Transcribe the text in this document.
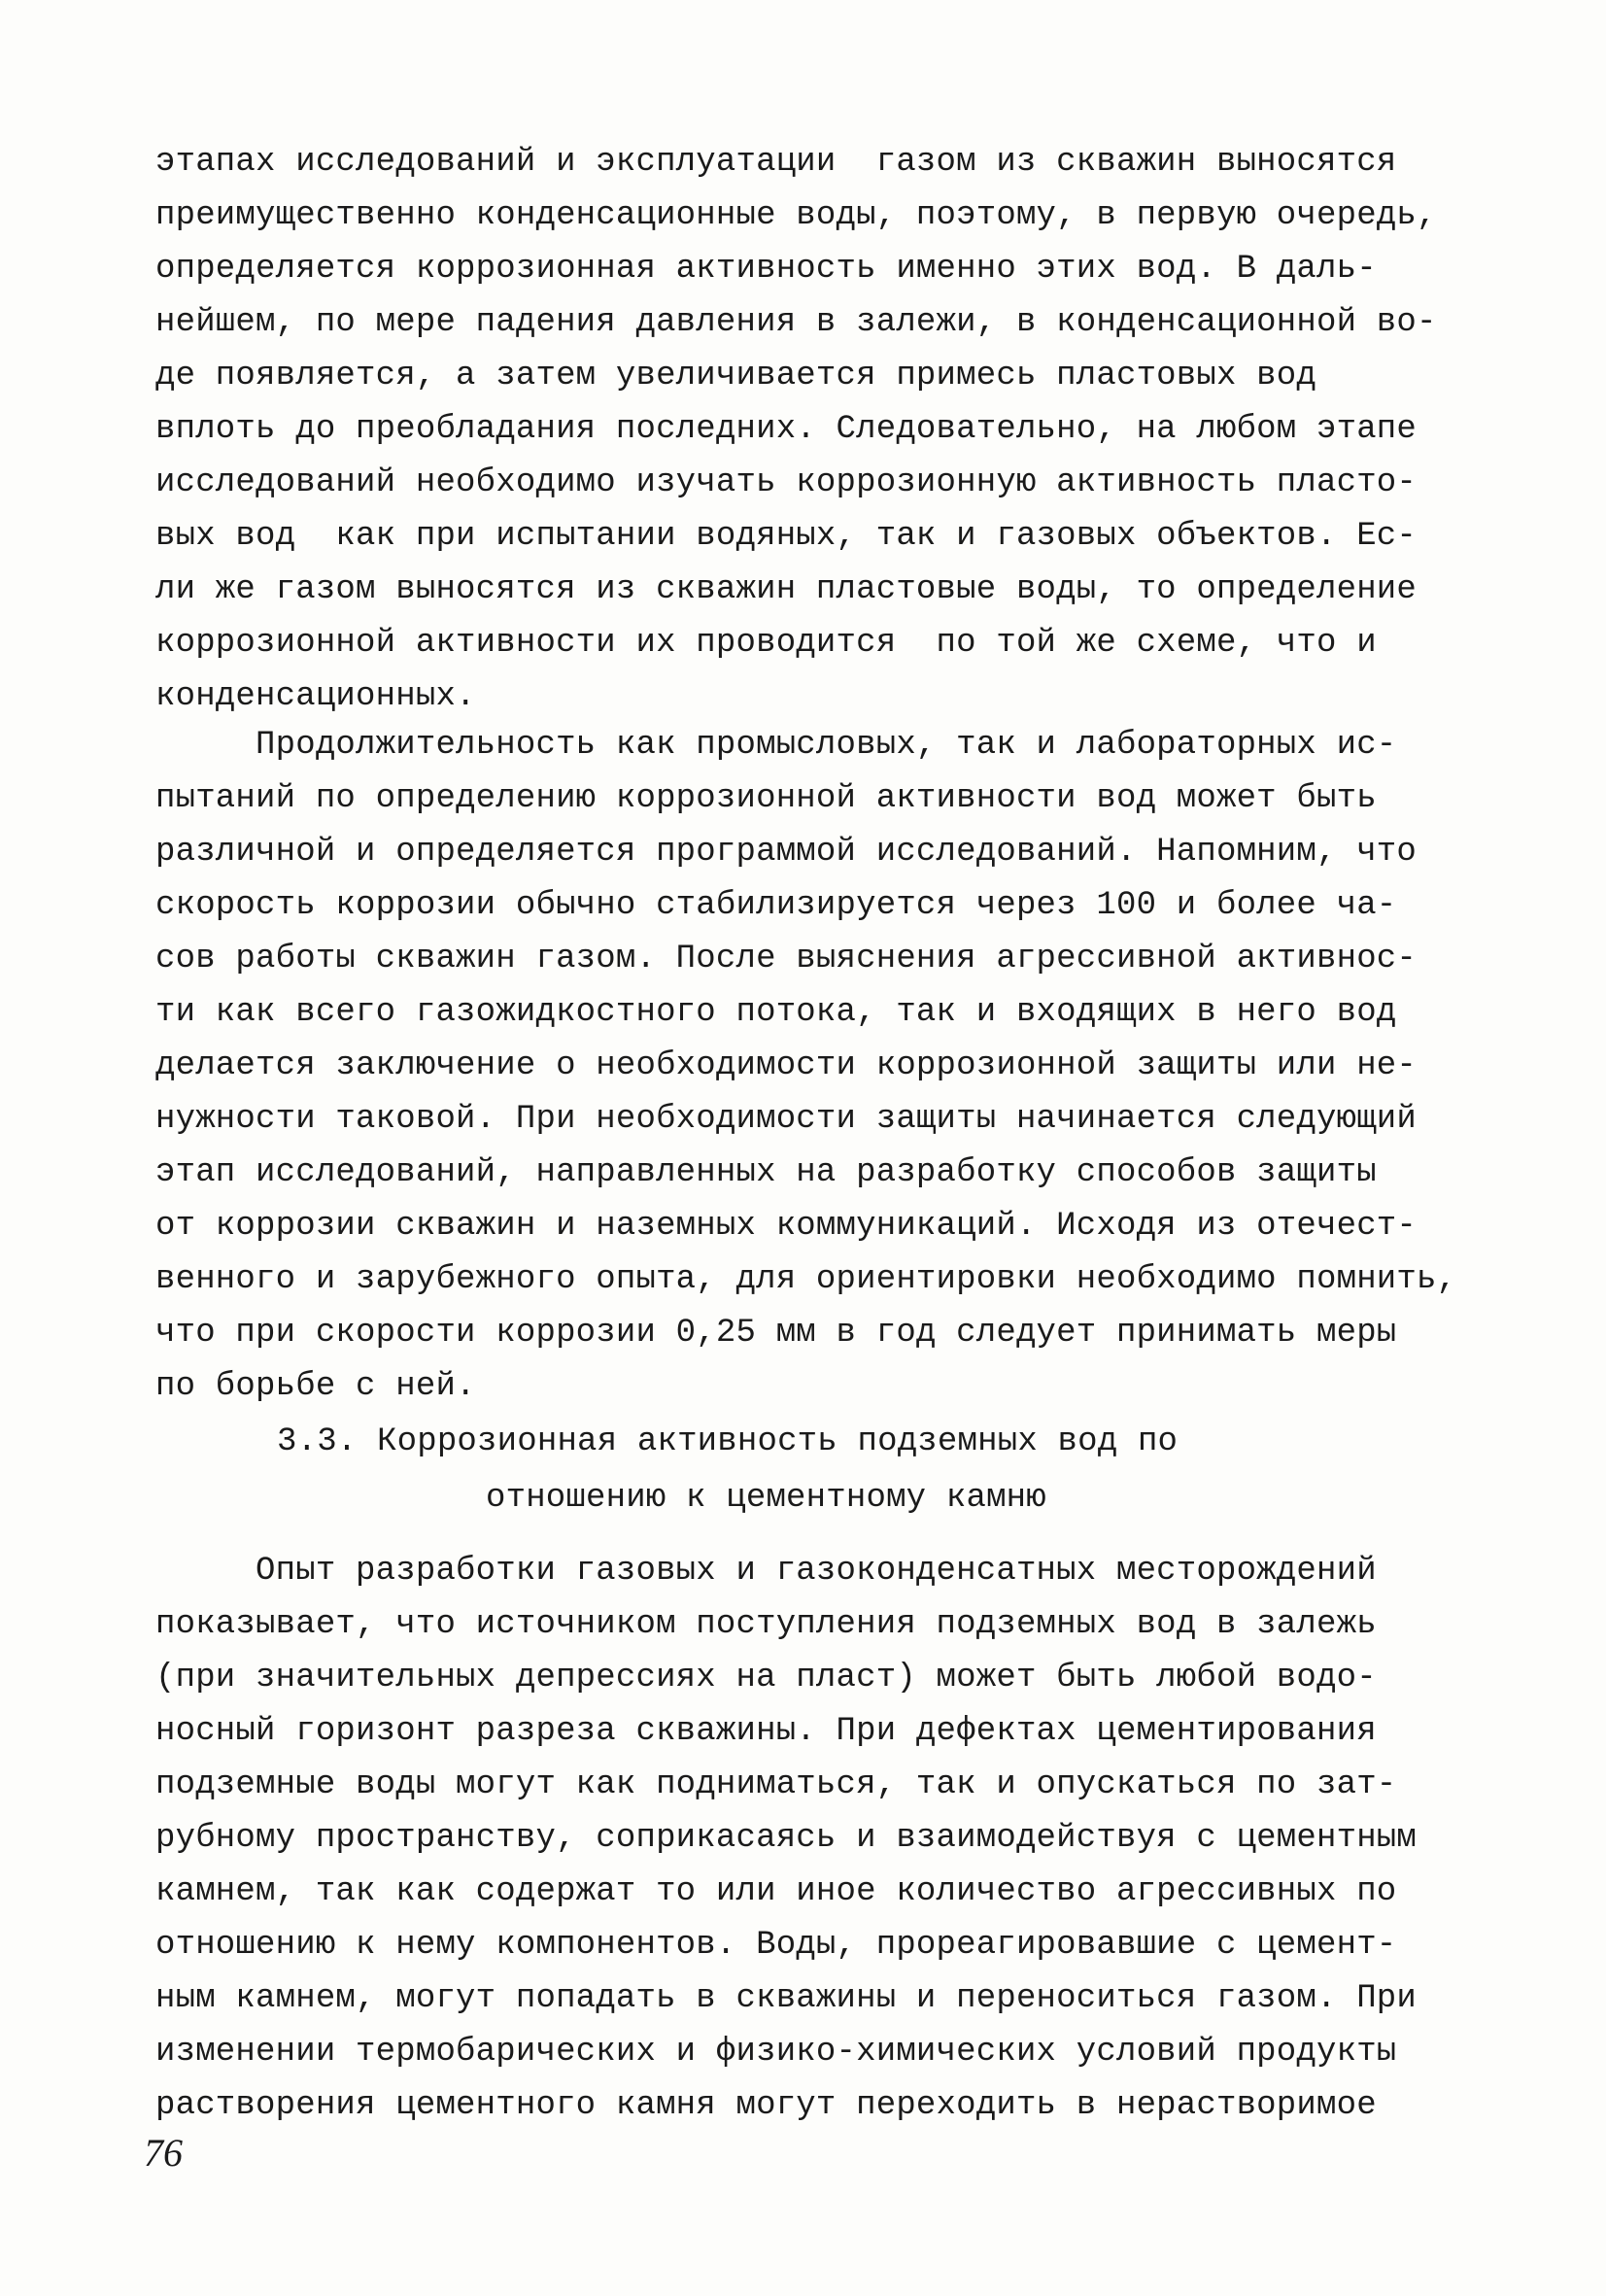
этапах исследований и эксплуатации  газом из скважин выносятся
преимущественно конденсационные воды, поэтому, в первую очередь,
определяется коррозионная активность именно этих вод. В даль-
нейшем, по мере падения давления в залежи, в конденсационной во-
де появляется, а затем увеличивается примесь пластовых вод
вплоть до преобладания последних. Следовательно, на любом этапе
исследований необходимо изучать коррозионную активность пласто-
вых вод  как при испытании водяных, так и газовых объектов. Ес-
ли же газом выносятся из скважин пластовые воды, то определение
коррозионной активности их проводится  по той же схеме, что и
конденсационных.
Продолжительность как промысловых, так и лабораторных ис-
пытаний по определению коррозионной активности вод может быть
различной и определяется программой исследований. Напомним, что
скорость коррозии обычно стабилизируется через 100 и более ча-
сов работы скважин газом. После выяснения агрессивной активнос-
ти как всего газожидкостного потока, так и входящих в него вод
делается заключение о необходимости коррозионной защиты или не-
нужности таковой. При необходимости защиты начинается следующий
этап исследований, направленных на разработку способов защиты
от коррозии скважин и наземных коммуникаций. Исходя из отечест-
венного и зарубежного опыта, для ориентировки необходимо помнить,
что при скорости коррозии 0,25 мм в год следует принимать меры
по борьбе с ней.
3.3. Коррозионная активность подземных вод по
отношению к цементному камню
Опыт разработки газовых и газоконденсатных месторождений
показывает, что источником поступления подземных вод в залежь
(при значительных депрессиях на пласт) может быть любой водо-
носный горизонт разреза скважины. При дефектах цементирования
подземные воды могут как подниматься, так и опускаться по зат-
рубному пространству, соприкасаясь и взаимодействуя с цементным
камнем, так как содержат то или иное количество агрессивных по
отношению к нему компонентов. Воды, прореагировавшие с цемент-
ным камнем, могут попадать в скважины и переноситься газом. При
изменении термобарических и физико-химических условий продукты
растворения цементного камня могут переходить в нерастворимое
76
